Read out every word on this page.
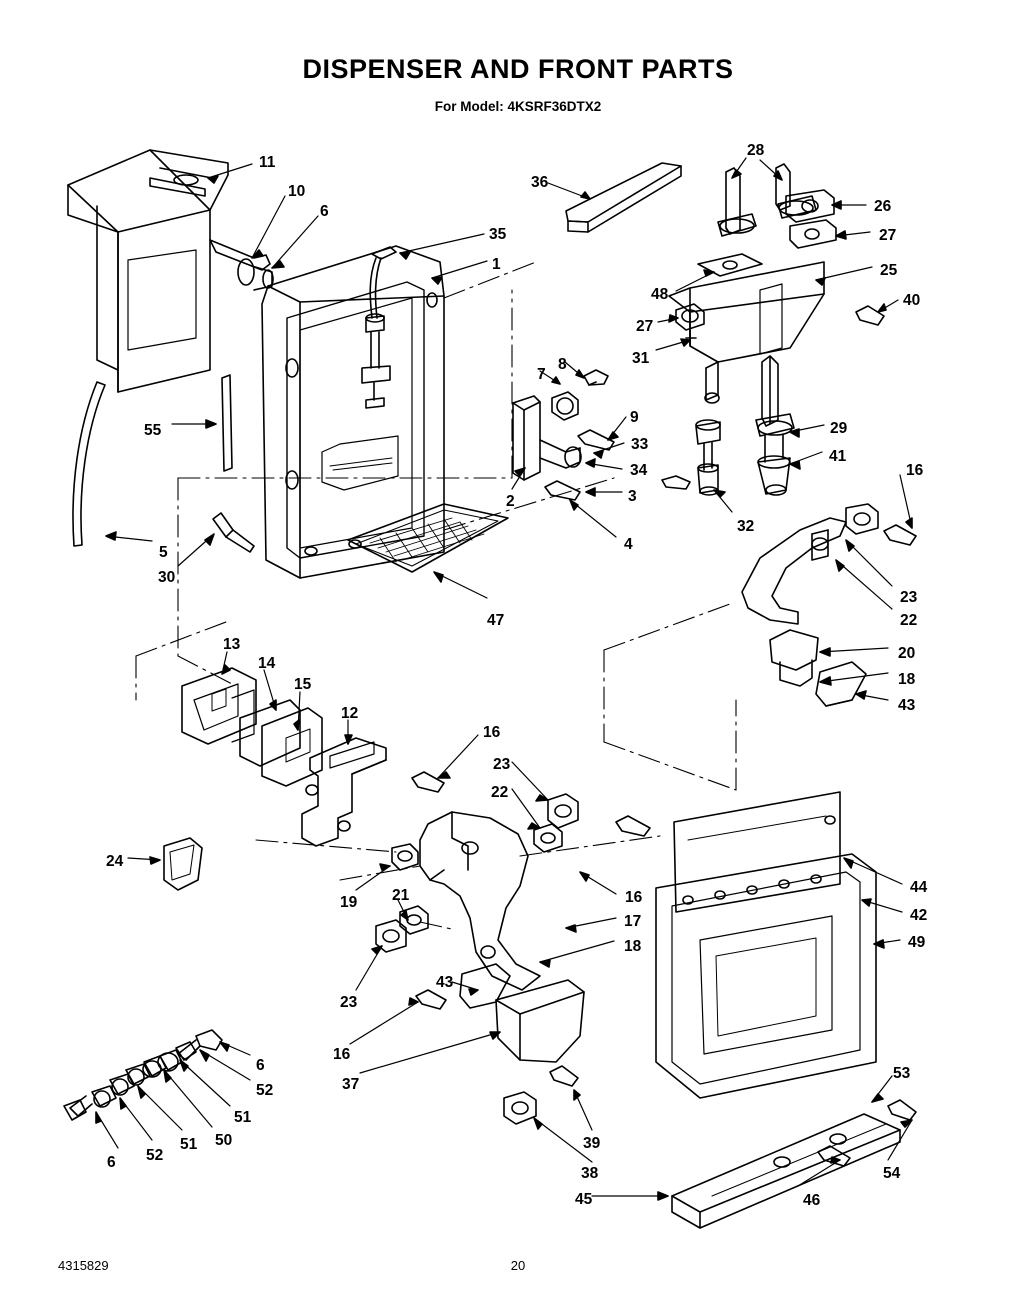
DISPENSER AND FRONT PARTS
For Model: 4KSRF36DTX2
11
10
6
36
28
26
27
25
35
1
48	40
27
31
7
8
9
33
34
29
41
55
2	3
4
32
16
5
30
23
22
47
20
18
43
13
14
15
12
16
23
22
44
42
49
24
19 21	16
17
18
23
43
16
37
53
6
52
51
50
51
52
6
39
38	54
46
45
4315829	20
